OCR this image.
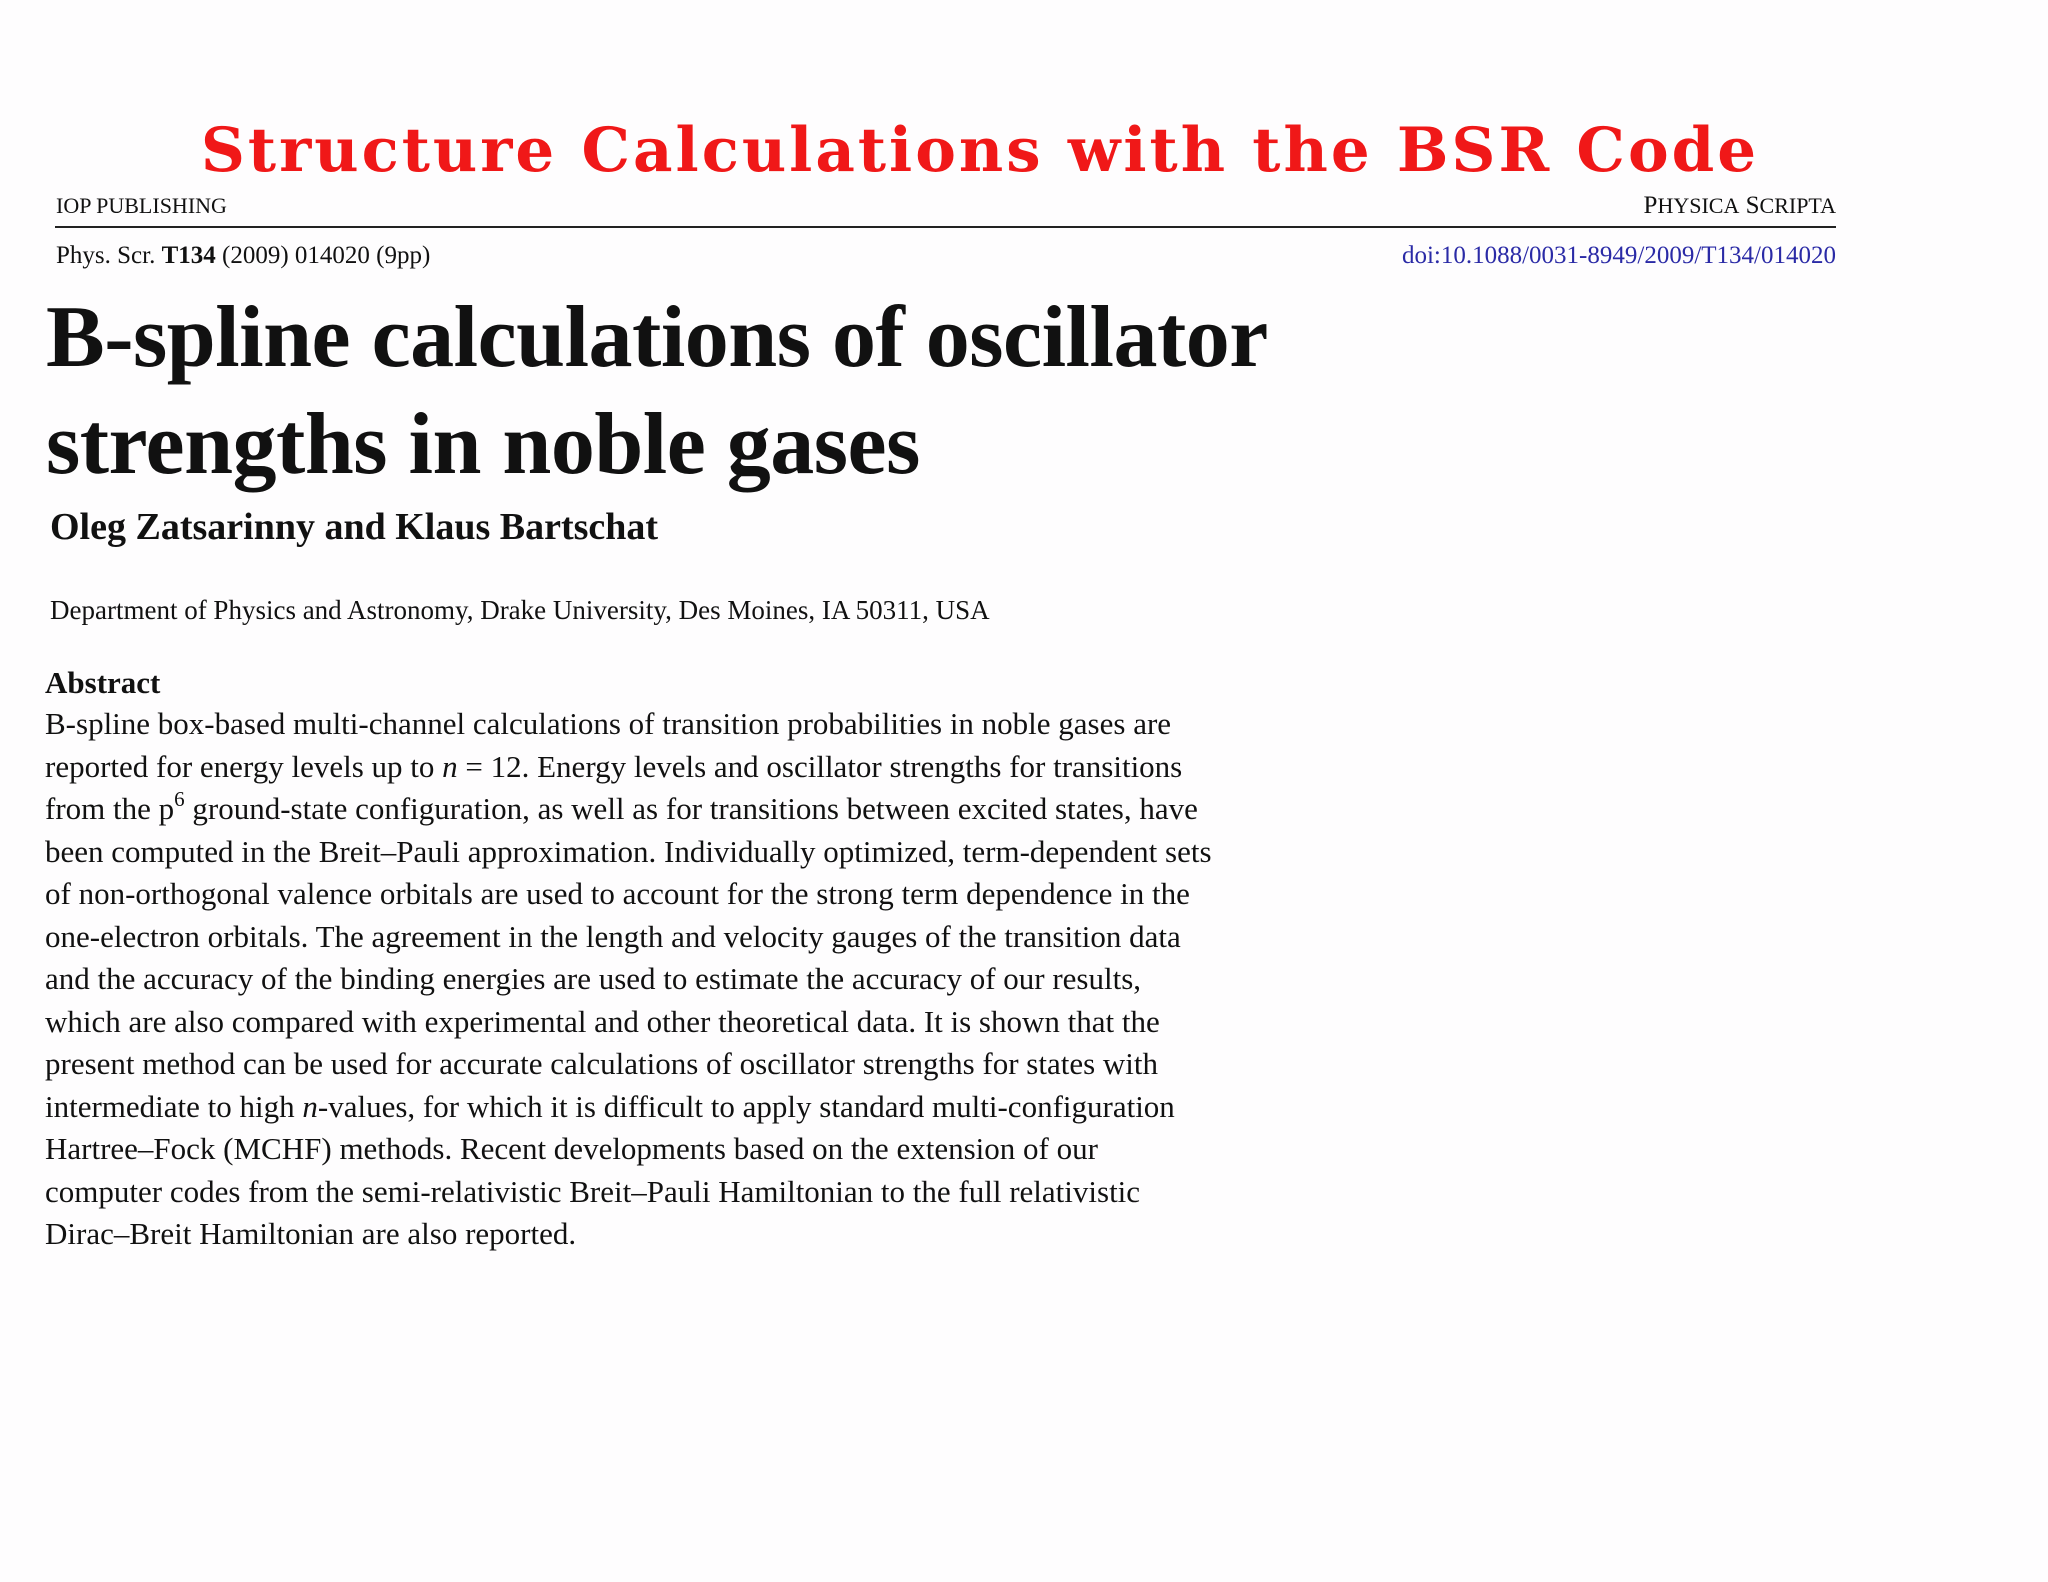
Structure Calculations with the BSR Code
IOP PUBLISHING	PHYSICA SCRIPTA
Phys. Scr. T134 (2009) 014020 (9pp)	doi:10.1088/0031-8949/2009/T134/014020
B-spline calculations of oscillator
strengths in noble gases
Oleg Zatsarinny and Klaus Bartschat
Department of Physics and Astronomy, Drake University, Des Moines, IA 50311, USA
Abstract
B-spline box-based multi-channel calculations of transition probabilities in noble gases are
reported for energy levels up to n = 12. Energy levels and oscillator strengths for transitions
from the $p^6$ ground-state configuration, as well as for transitions between excited states, have
been computed in the Breit–Pauli approximation. Individually optimized, term-dependent sets
of non-orthogonal valence orbitals are used to account for the strong term dependence in the
one-electron orbitals. The agreement in the length and velocity gauges of the transition data
and the accuracy of the binding energies are used to estimate the accuracy of our results,
which are also compared with experimental and other theoretical data. It is shown that the
present method can be used for accurate calculations of oscillator strengths for states with
intermediate to high n-values, for which it is difficult to apply standard multi-configuration
Hartree–Fock (MCHF) methods. Recent developments based on the extension of our
computer codes from the semi-relativistic Breit–Pauli Hamiltonian to the full relativistic
Dirac–Breit Hamiltonian are also reported.
